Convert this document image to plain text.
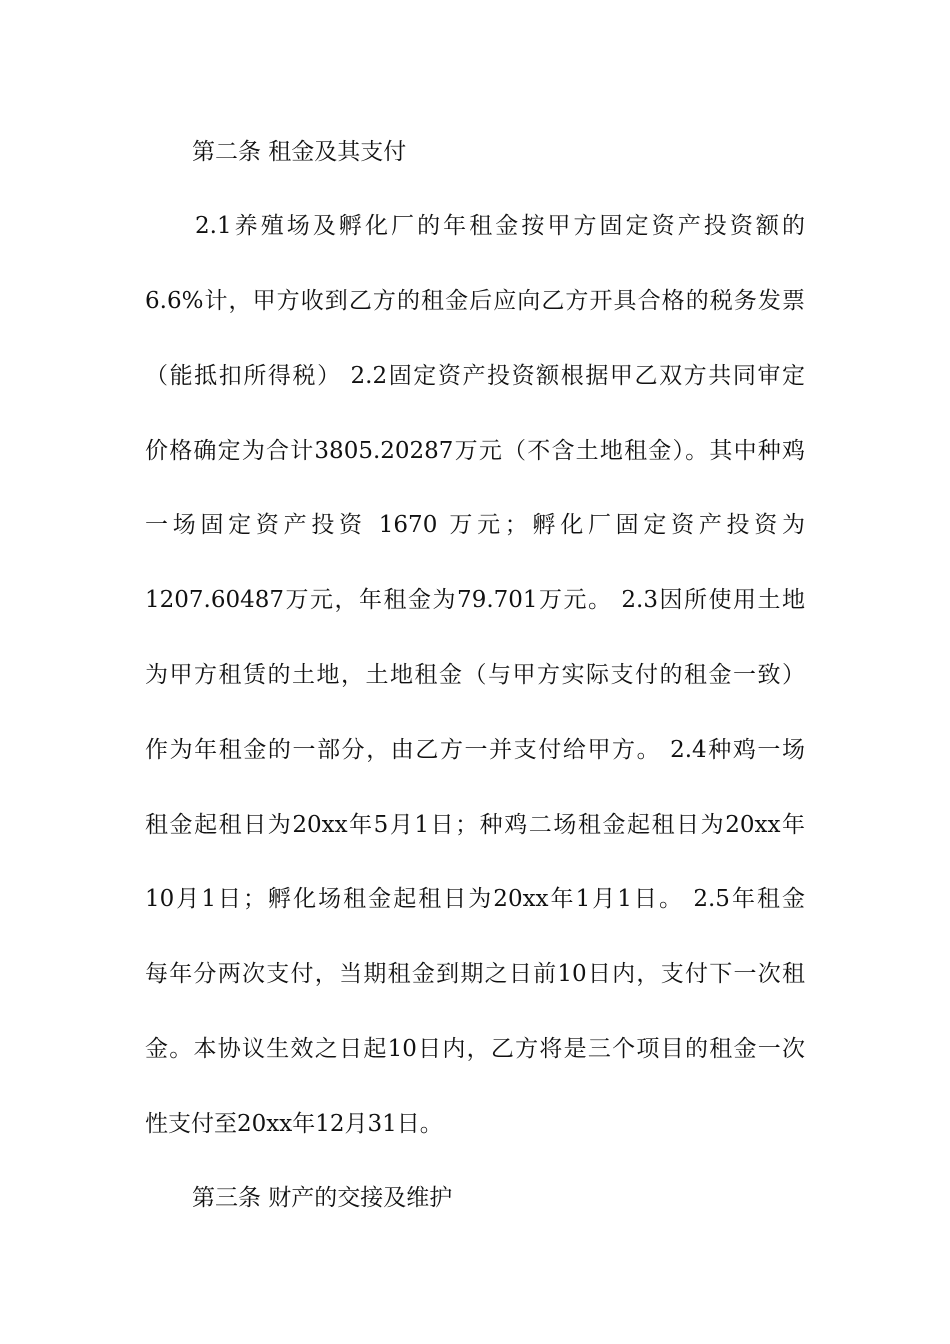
第二条 租金及其支付
2.1养殖场及孵化厂的年租金按甲方固定资产投资额的
6.6%计，甲方收到乙方的租金后应向乙方开具合格的税务发票
（能抵扣所得税） 2.2固定资产投资额根据甲乙双方共同审定
价格确定为合计3805.20287万元（不含土地租金）。其中种鸡
一场固定资产投资 1670 万元；孵化厂固定资产投资为
1207.60487万元，年租金为79.701万元。 2.3因所使用土地
为甲方租赁的土地，土地租金（与甲方实际支付的租金一致）
作为年租金的一部分，由乙方一并支付给甲方。 2.4种鸡一场
租金起租日为20xx年5月1日；种鸡二场租金起租日为20xx年
10月1日；孵化场租金起租日为20xx年1月1日。 2.5年租金
每年分两次支付，当期租金到期之日前10日内，支付下一次租
金。本协议生效之日起10日内，乙方将是三个项目的租金一次
性支付至20xx年12月31日。
第三条 财产的交接及维护
